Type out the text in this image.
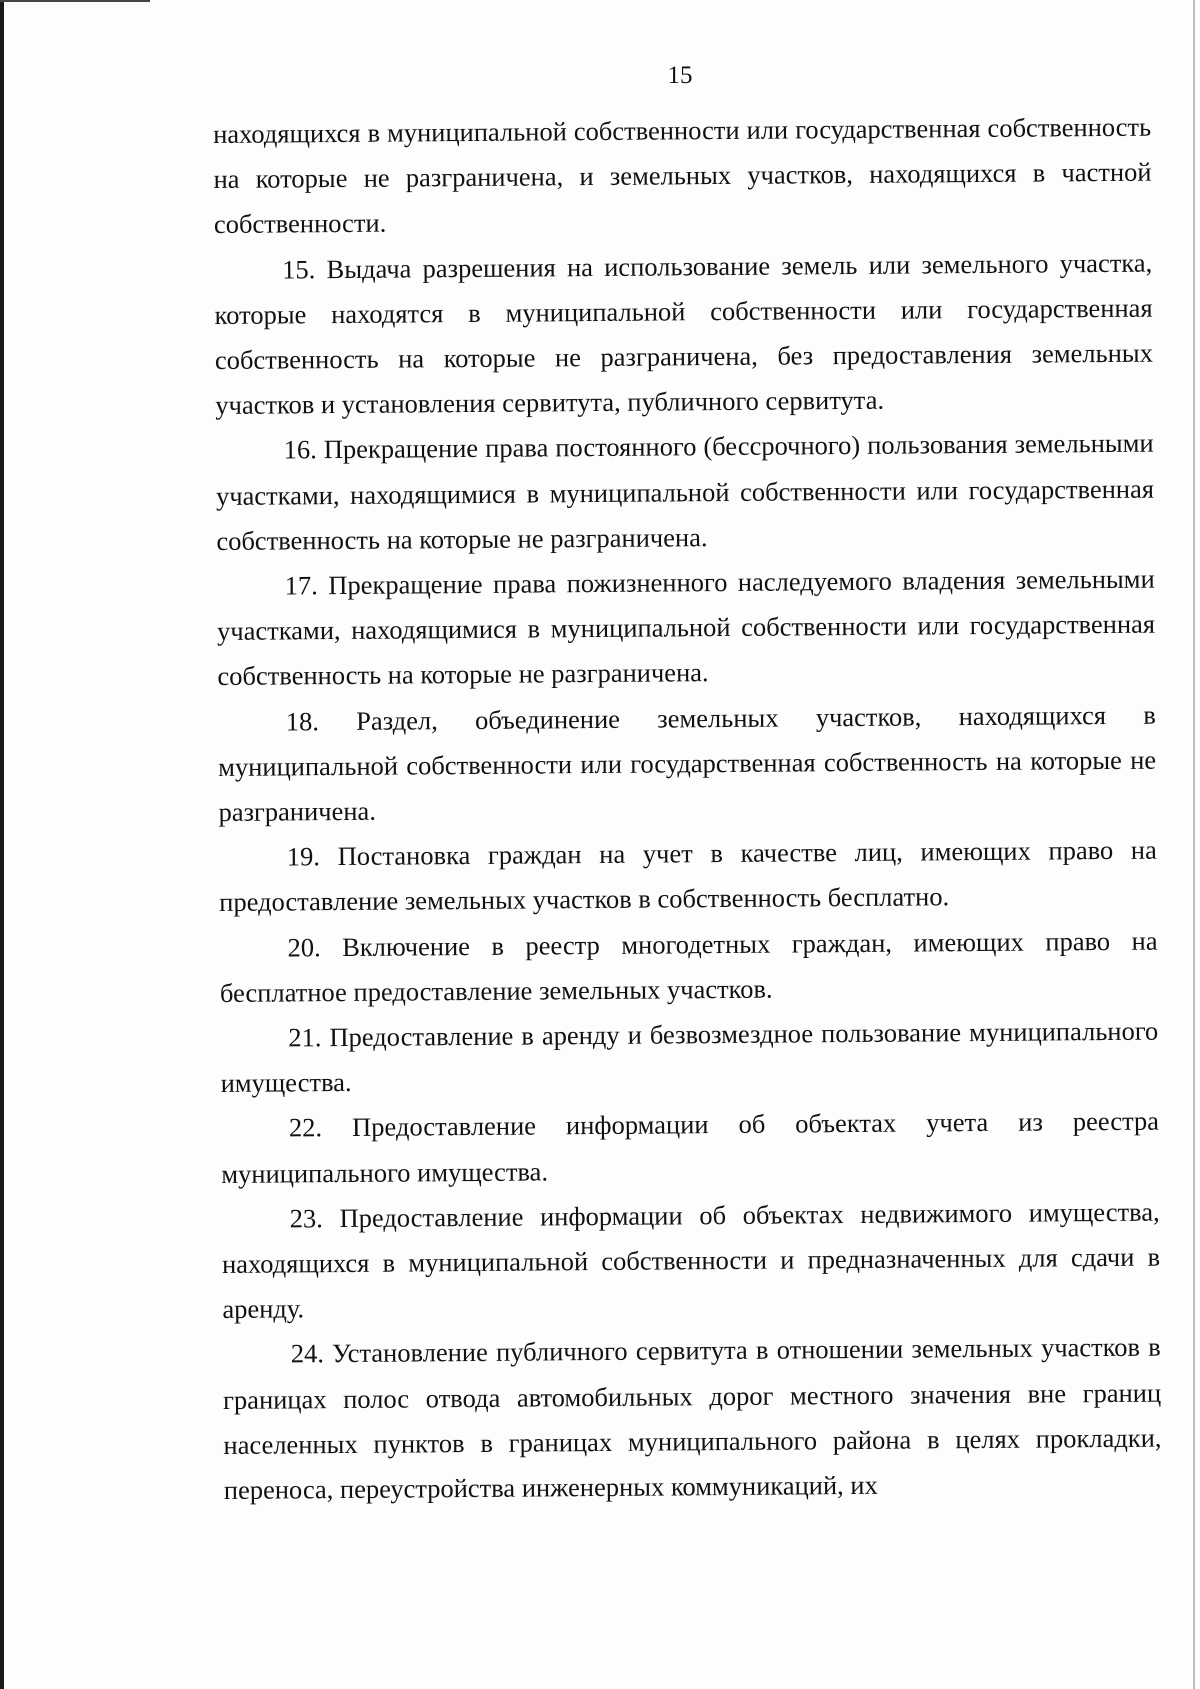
15

находящихся в муниципальной собственности или государственная собственность на которые не разграничена, и земельных участков, находящихся в частной собственности.

15. Выдача разрешения на использование земель или земельного участка, которые находятся в муниципальной собственности или государственная собственность на которые не разграничена, без предоставления земельных участков и установления сервитута, публичного сервитута.

16. Прекращение права постоянного (бессрочного) пользования земельными участками, находящимися в муниципальной собственности или государственная собственность на которые не разграничена.

17. Прекращение права пожизненного наследуемого владения земельными участками, находящимися в муниципальной собственности или государственная собственность на которые не разграничена.

18. Раздел, объединение земельных участков, находящихся в муниципальной собственности или государственная собственность на которые не разграничена.

19. Постановка граждан на учет в качестве лиц, имеющих право на предоставление земельных участков в собственность бесплатно.

20. Включение в реестр многодетных граждан, имеющих право на бесплатное предоставление земельных участков.

21. Предоставление в аренду и безвозмездное пользование муниципального имущества.

22. Предоставление информации об объектах учета из реестра муниципального имущества.

23. Предоставление информации об объектах недвижимого имущества, находящихся в муниципальной собственности и предназначенных для сдачи в аренду.

24. Установление публичного сервитута в отношении земельных участков в границах полос отвода автомобильных дорог местного значения вне границ населенных пунктов в границах муниципального района в целях прокладки, переноса, переустройства инженерных коммуникаций, их
